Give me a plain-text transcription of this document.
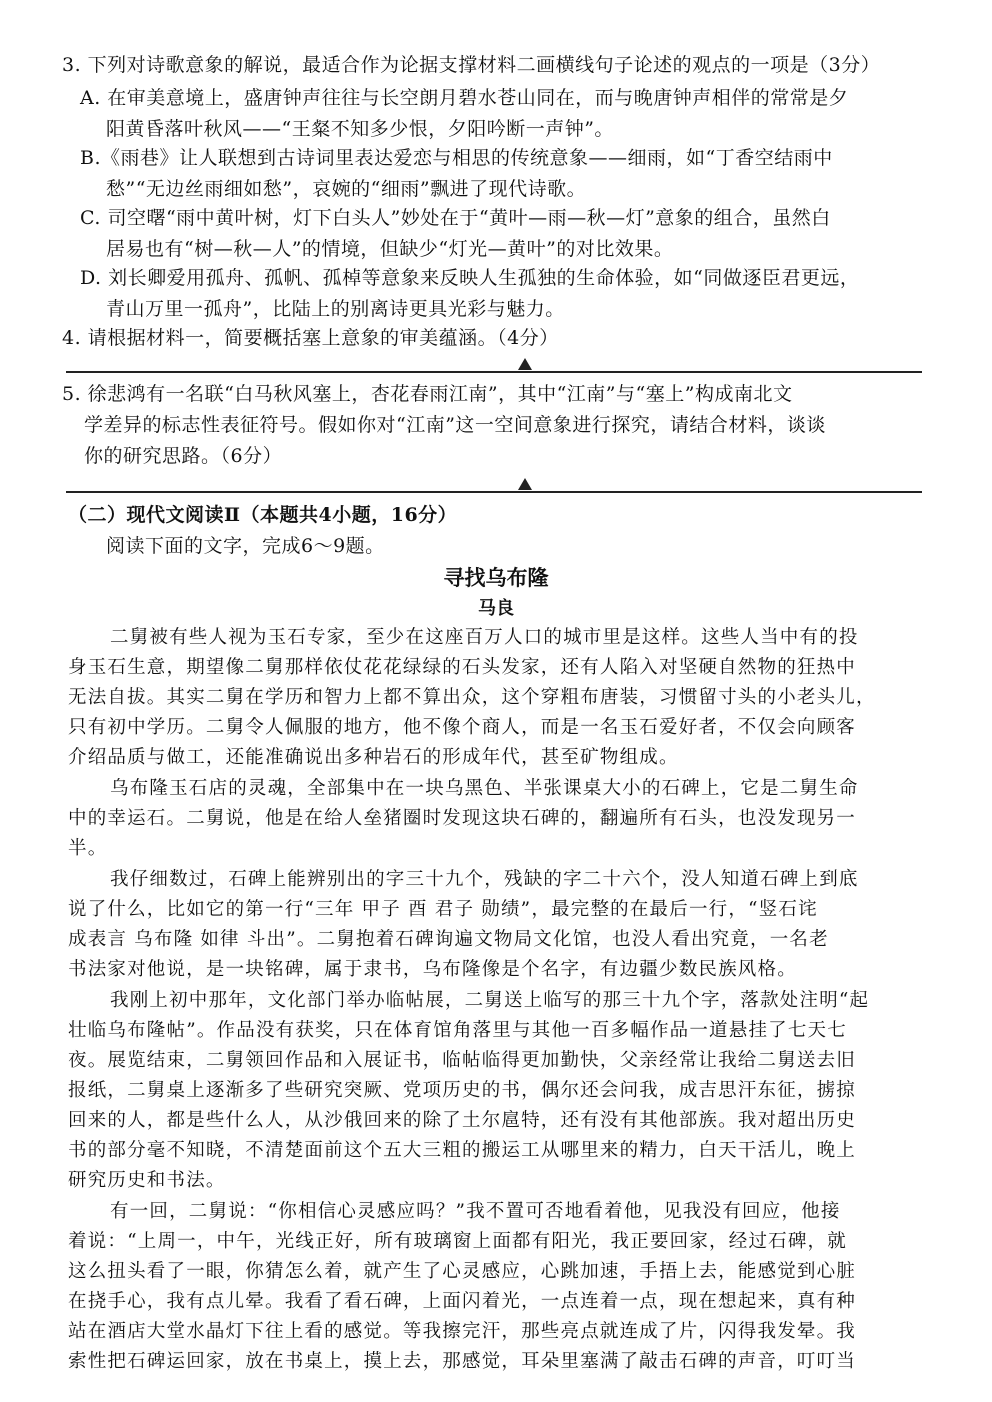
3. 下列对诗歌意象的解说，最适合作为论据支撑材料二画横线句子论述的观点的一项是（3分）
A. 在审美意境上，盛唐钟声往往与长空朗月碧水苍山同在，而与晚唐钟声相伴的常常是夕
阳黄昏落叶秋风——“王粲不知多少恨，夕阳吟断一声钟”。
B.《雨巷》让人联想到古诗词里表达爱恋与相思的传统意象——细雨，如“丁香空结雨中
愁”“无边丝雨细如愁”，哀婉的“细雨”飘进了现代诗歌。
C. 司空曙“雨中黄叶树，灯下白头人”妙处在于“黄叶—雨—秋—灯”意象的组合，虽然白
居易也有“树—秋—人”的情境，但缺少“灯光—黄叶”的对比效果。
D. 刘长卿爱用孤舟、孤帆、孤棹等意象来反映人生孤独的生命体验，如“同做逐臣君更远，
青山万里一孤舟”，比陆上的别离诗更具光彩与魅力。
4. 请根据材料一，简要概括塞上意象的审美蕴涵。（4分）
5. 徐悲鸿有一名联“白马秋风塞上，杏花春雨江南”，其中“江南”与“塞上”构成南北文
学差异的标志性表征符号。假如你对“江南”这一空间意象进行探究，请结合材料，谈谈
你的研究思路。（6分）
（二）现代文阅读Ⅱ（本题共4小题，16分）
阅读下面的文字，完成6～9题。
寻找乌布隆
马良
二舅被有些人视为玉石专家，至少在这座百万人口的城市里是这样。这些人当中有的投
身玉石生意，期望像二舅那样依仗花花绿绿的石头发家，还有人陷入对坚硬自然物的狂热中
无法自拔。其实二舅在学历和智力上都不算出众，这个穿粗布唐装，习惯留寸头的小老头儿，
只有初中学历。二舅令人佩服的地方，他不像个商人，而是一名玉石爱好者，不仅会向顾客
介绍品质与做工，还能准确说出多种岩石的形成年代，甚至矿物组成。
乌布隆玉石店的灵魂，全部集中在一块乌黑色、半张课桌大小的石碑上，它是二舅生命
中的幸运石。二舅说，他是在给人垒猪圈时发现这块石碑的，翻遍所有石头，也没发现另一
半。
我仔细数过，石碑上能辨别出的字三十九个，残缺的字二十六个，没人知道石碑上到底
说了什么，比如它的第一行“三年 甲子 酉 君子 勋绩”，最完整的在最后一行，“竖石诧
成表言 乌布隆 如律 斗出”。二舅抱着石碑询遍文物局文化馆，也没人看出究竟，一名老
书法家对他说，是一块铭碑，属于隶书，乌布隆像是个名字，有边疆少数民族风格。
我刚上初中那年，文化部门举办临帖展，二舅送上临写的那三十九个字，落款处注明“起
壮临乌布隆帖”。作品没有获奖，只在体育馆角落里与其他一百多幅作品一道悬挂了七天七
夜。展览结束，二舅领回作品和入展证书，临帖临得更加勤快，父亲经常让我给二舅送去旧
报纸，二舅桌上逐渐多了些研究突厥、党项历史的书，偶尔还会问我，成吉思汗东征，掳掠
回来的人，都是些什么人，从沙俄回来的除了土尔扈特，还有没有其他部族。我对超出历史
书的部分毫不知晓，不清楚面前这个五大三粗的搬运工从哪里来的精力，白天干活儿，晚上
研究历史和书法。
有一回，二舅说：“你相信心灵感应吗？”我不置可否地看着他，见我没有回应，他接
着说：“上周一，中午，光线正好，所有玻璃窗上面都有阳光，我正要回家，经过石碑，就
这么扭头看了一眼，你猜怎么着，就产生了心灵感应，心跳加速，手捂上去，能感觉到心脏
在挠手心，我有点儿晕。我看了看石碑，上面闪着光，一点连着一点，现在想起来，真有种
站在酒店大堂水晶灯下往上看的感觉。等我擦完汗，那些亮点就连成了片，闪得我发晕。我
索性把石碑运回家，放在书桌上，摸上去，那感觉，耳朵里塞满了敲击石碑的声音，叮叮当
